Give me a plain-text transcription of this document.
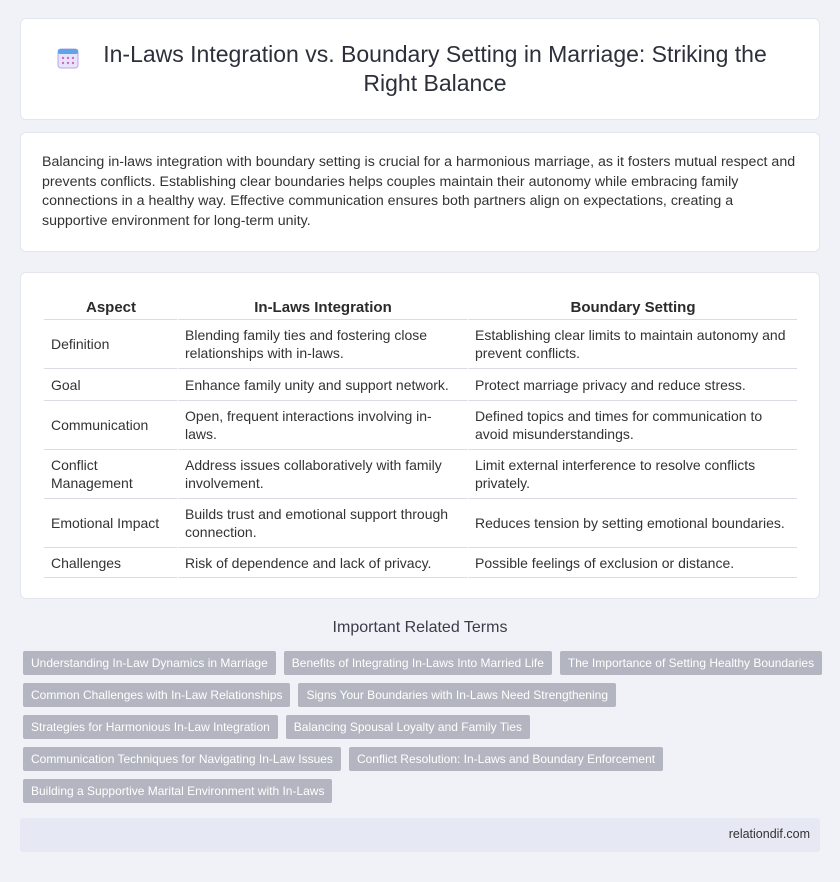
In-Laws Integration vs. Boundary Setting in Marriage: Striking the Right Balance

Balancing in-laws integration with boundary setting is crucial for a harmonious marriage, as it fosters mutual respect and prevents conflicts. Establishing clear boundaries helps couples maintain their autonomy while embracing family connections in a healthy way. Effective communication ensures both partners align on expectations, creating a supportive environment for long-term unity.

Aspect	In-Laws Integration	Boundary Setting
Definition	Blending family ties and fostering close relationships with in-laws.	Establishing clear limits to maintain autonomy and prevent conflicts.
Goal	Enhance family unity and support network.	Protect marriage privacy and reduce stress.
Communication	Open, frequent interactions involving in-laws.	Defined topics and times for communication to avoid misunderstandings.
Conflict Management	Address issues collaboratively with family involvement.	Limit external interference to resolve conflicts privately.
Emotional Impact	Builds trust and emotional support through connection.	Reduces tension by setting emotional boundaries.
Challenges	Risk of dependence and lack of privacy.	Possible feelings of exclusion or distance.
Important Related Terms
Understanding In-Law Dynamics in Marriage	Benefits of Integrating In-Laws Into Married Life	The Importance of Setting Healthy Boundaries
Common Challenges with In-Law Relationships	Signs Your Boundaries with In-Laws Need Strengthening
Strategies for Harmonious In-Law Integration	Balancing Spousal Loyalty and Family Ties
Communication Techniques for Navigating In-Law Issues	Conflict Resolution: In-Laws and Boundary Enforcement
Building a Supportive Marital Environment with In-Laws
relationdif.com
